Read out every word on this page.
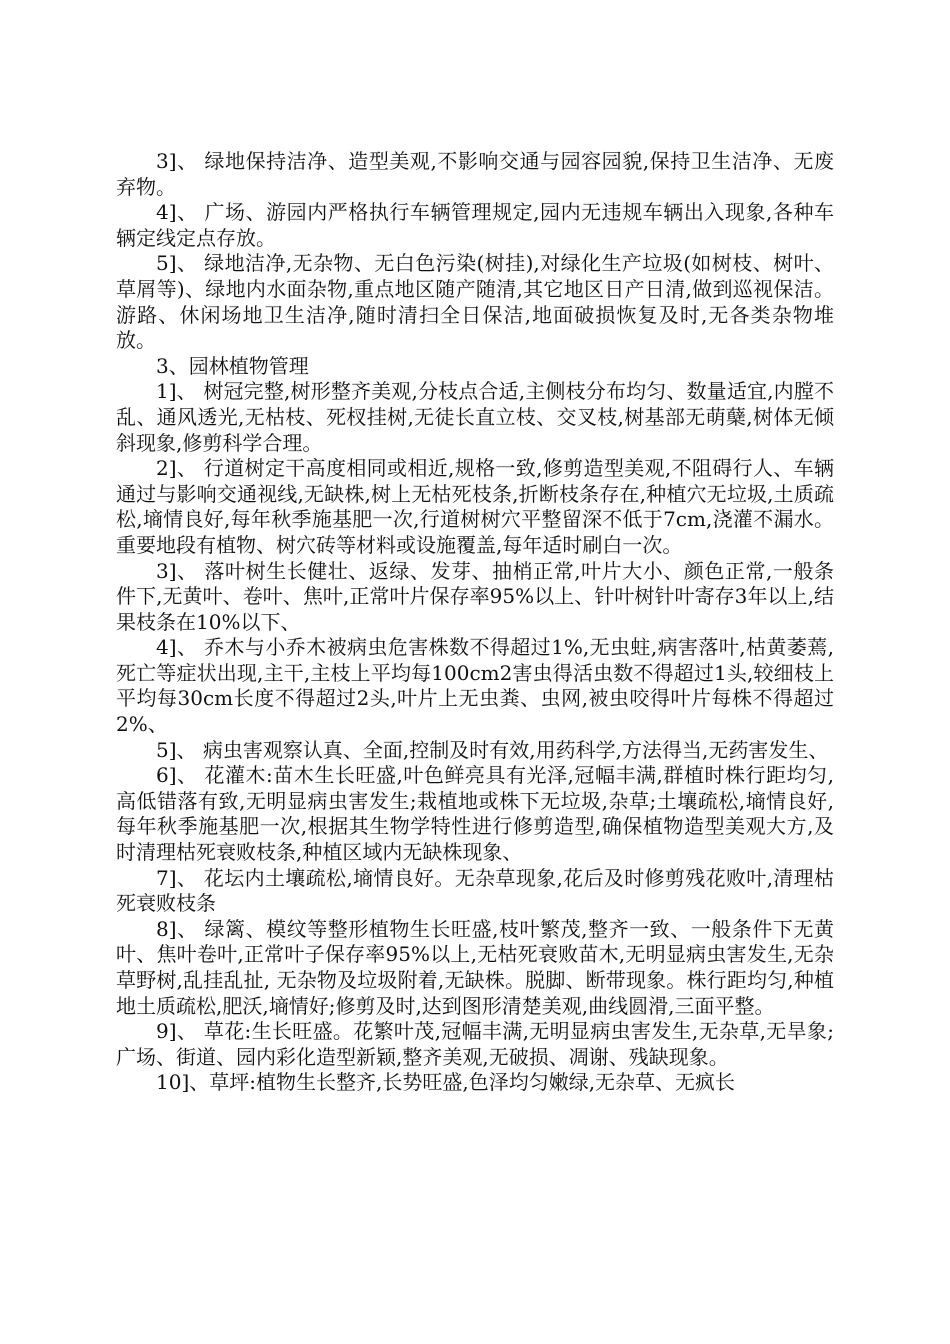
3]、 绿地保持洁净、造型美观,不影响交通与园容园貌,保持卫生洁净、无废弃物。

4]、 广场、游园内严格执行车辆管理规定,园内无违规车辆出入现象,各种车辆定线定点存放。

5]、 绿地洁净,无杂物、无白色污染(树挂),对绿化生产垃圾(如树枝、树叶、草屑等)、绿地内水面杂物,重点地区随产随清,其它地区日产日清,做到巡视保洁。游路、休闲场地卫生洁净,随时清扫全日保洁,地面破损恢复及时,无各类杂物堆放。

3、园林植物管理

1]、 树冠完整,树形整齐美观,分枝点合适,主侧枝分布均匀、数量适宜,内膛不乱、通风透光,无枯枝、死杈挂树,无徒长直立枝、交叉枝,树基部无萌蘖,树体无倾斜现象,修剪科学合理。

2]、 行道树定干高度相同或相近,规格一致,修剪造型美观,不阻碍行人、车辆通过与影响交通视线,无缺株,树上无枯死枝条,折断枝条存在,种植穴无垃圾,土质疏松,墒情良好,每年秋季施基肥一次,行道树树穴平整留深不低于7cm,浇灌不漏水。重要地段有植物、树穴砖等材料或设施覆盖,每年适时刷白一次。

3]、 落叶树生长健壮、返绿、发芽、抽梢正常,叶片大小、颜色正常,一般条件下,无黄叶、卷叶、焦叶,正常叶片保存率95%以上、针叶树针叶寄存3年以上,结果枝条在10%以下、

4]、 乔木与小乔木被病虫危害株数不得超过1%,无虫蛀,病害落叶,枯黄萎蔫,死亡等症状出现,主干,主枝上平均每100cm2害虫得活虫数不得超过1头,较细枝上平均每30cm长度不得超过2头,叶片上无虫粪、虫网,被虫咬得叶片每株不得超过2%、

5]、 病虫害观察认真、全面,控制及时有效,用药科学,方法得当,无药害发生、

6]、 花灌木:苗木生长旺盛,叶色鲜亮具有光泽,冠幅丰满,群植时株行距均匀,高低错落有致,无明显病虫害发生;栽植地或株下无垃圾,杂草;土壤疏松,墒情良好,每年秋季施基肥一次,根据其生物学特性进行修剪造型,确保植物造型美观大方,及时清理枯死衰败枝条,种植区域内无缺株现象、

7]、 花坛内土壤疏松,墒情良好。无杂草现象,花后及时修剪残花败叶,清理枯死衰败枝条

8]、 绿篱、模纹等整形植物生长旺盛,枝叶繁茂,整齐一致、一般条件下无黄叶、焦叶卷叶,正常叶子保存率95%以上,无枯死衰败苗木,无明显病虫害发生,无杂草野树,乱挂乱扯, 无杂物及垃圾附着,无缺株。脱脚、断带现象。株行距均匀,种植地土质疏松,肥沃,墒情好;修剪及时,达到图形清楚美观,曲线圆滑,三面平整。

9]、 草花:生长旺盛。花繁叶茂,冠幅丰满,无明显病虫害发生,无杂草,无旱象;广场、街道、园内彩化造型新颖,整齐美观,无破损、凋谢、残缺现象。

10]、草坪:植物生长整齐,长势旺盛,色泽均匀嫩绿,无杂草、无疯长
